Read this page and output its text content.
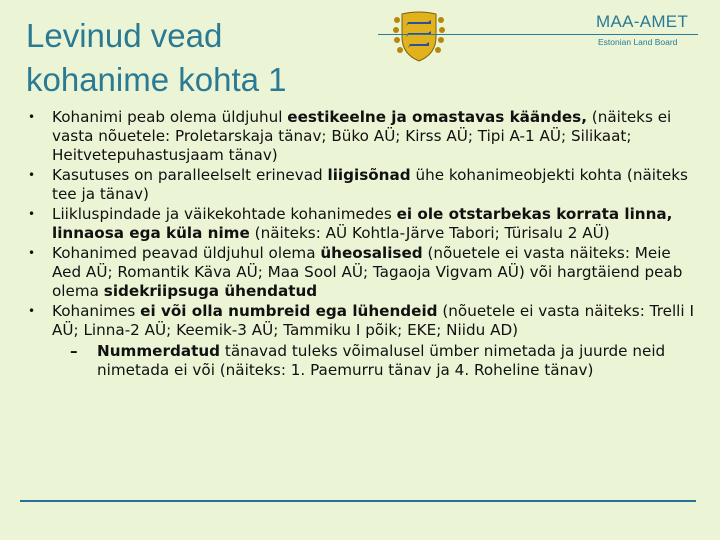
Levinud vead
kohanime kohta 1
MAA-AMET
Estonian Land Board
• Kohanimi peab olema üldjuhul eestikeelne ja omastavas käändes, (näiteks ei vasta nõuetele: Proletarskaja tänav; Büko AÜ; Kirss AÜ; Tipi A-1 AÜ; Silikaat; Heitvetepuhastusjaam tänav)
• Kasutuses on paralleelselt erinevad liigisõnad ühe kohanimeobjekti kohta (näiteks tee ja tänav)
• Liikluspindade ja väikekohtade kohanimedes ei ole otstarbekas korrata linna, linnaosa ega küla nime (näiteks: AÜ Kohtla-Järve Tabori; Türisalu 2 AÜ)
• Kohanimed peavad üldjuhul olema üheosalised (nõuetele ei vasta näiteks: Meie Aed AÜ; Romantik Käva AÜ; Maa Sool AÜ; Tagaoja Vigvam AÜ) või hargtäiend peab olema sidekriipsuga ühendatud
• Kohanimes ei või olla numbreid ega lühendeid (nõuetele ei vasta näiteks: Trelli I AÜ; Linna-2 AÜ; Keemik-3 AÜ; Tammiku I põik; EKE; Niidu AD)
– Nummerdatud tänavad tuleks võimalusel ümber nimetada ja juurde neid nimetada ei või (näiteks: 1. Paemurru tänav ja 4. Roheline tänav)
